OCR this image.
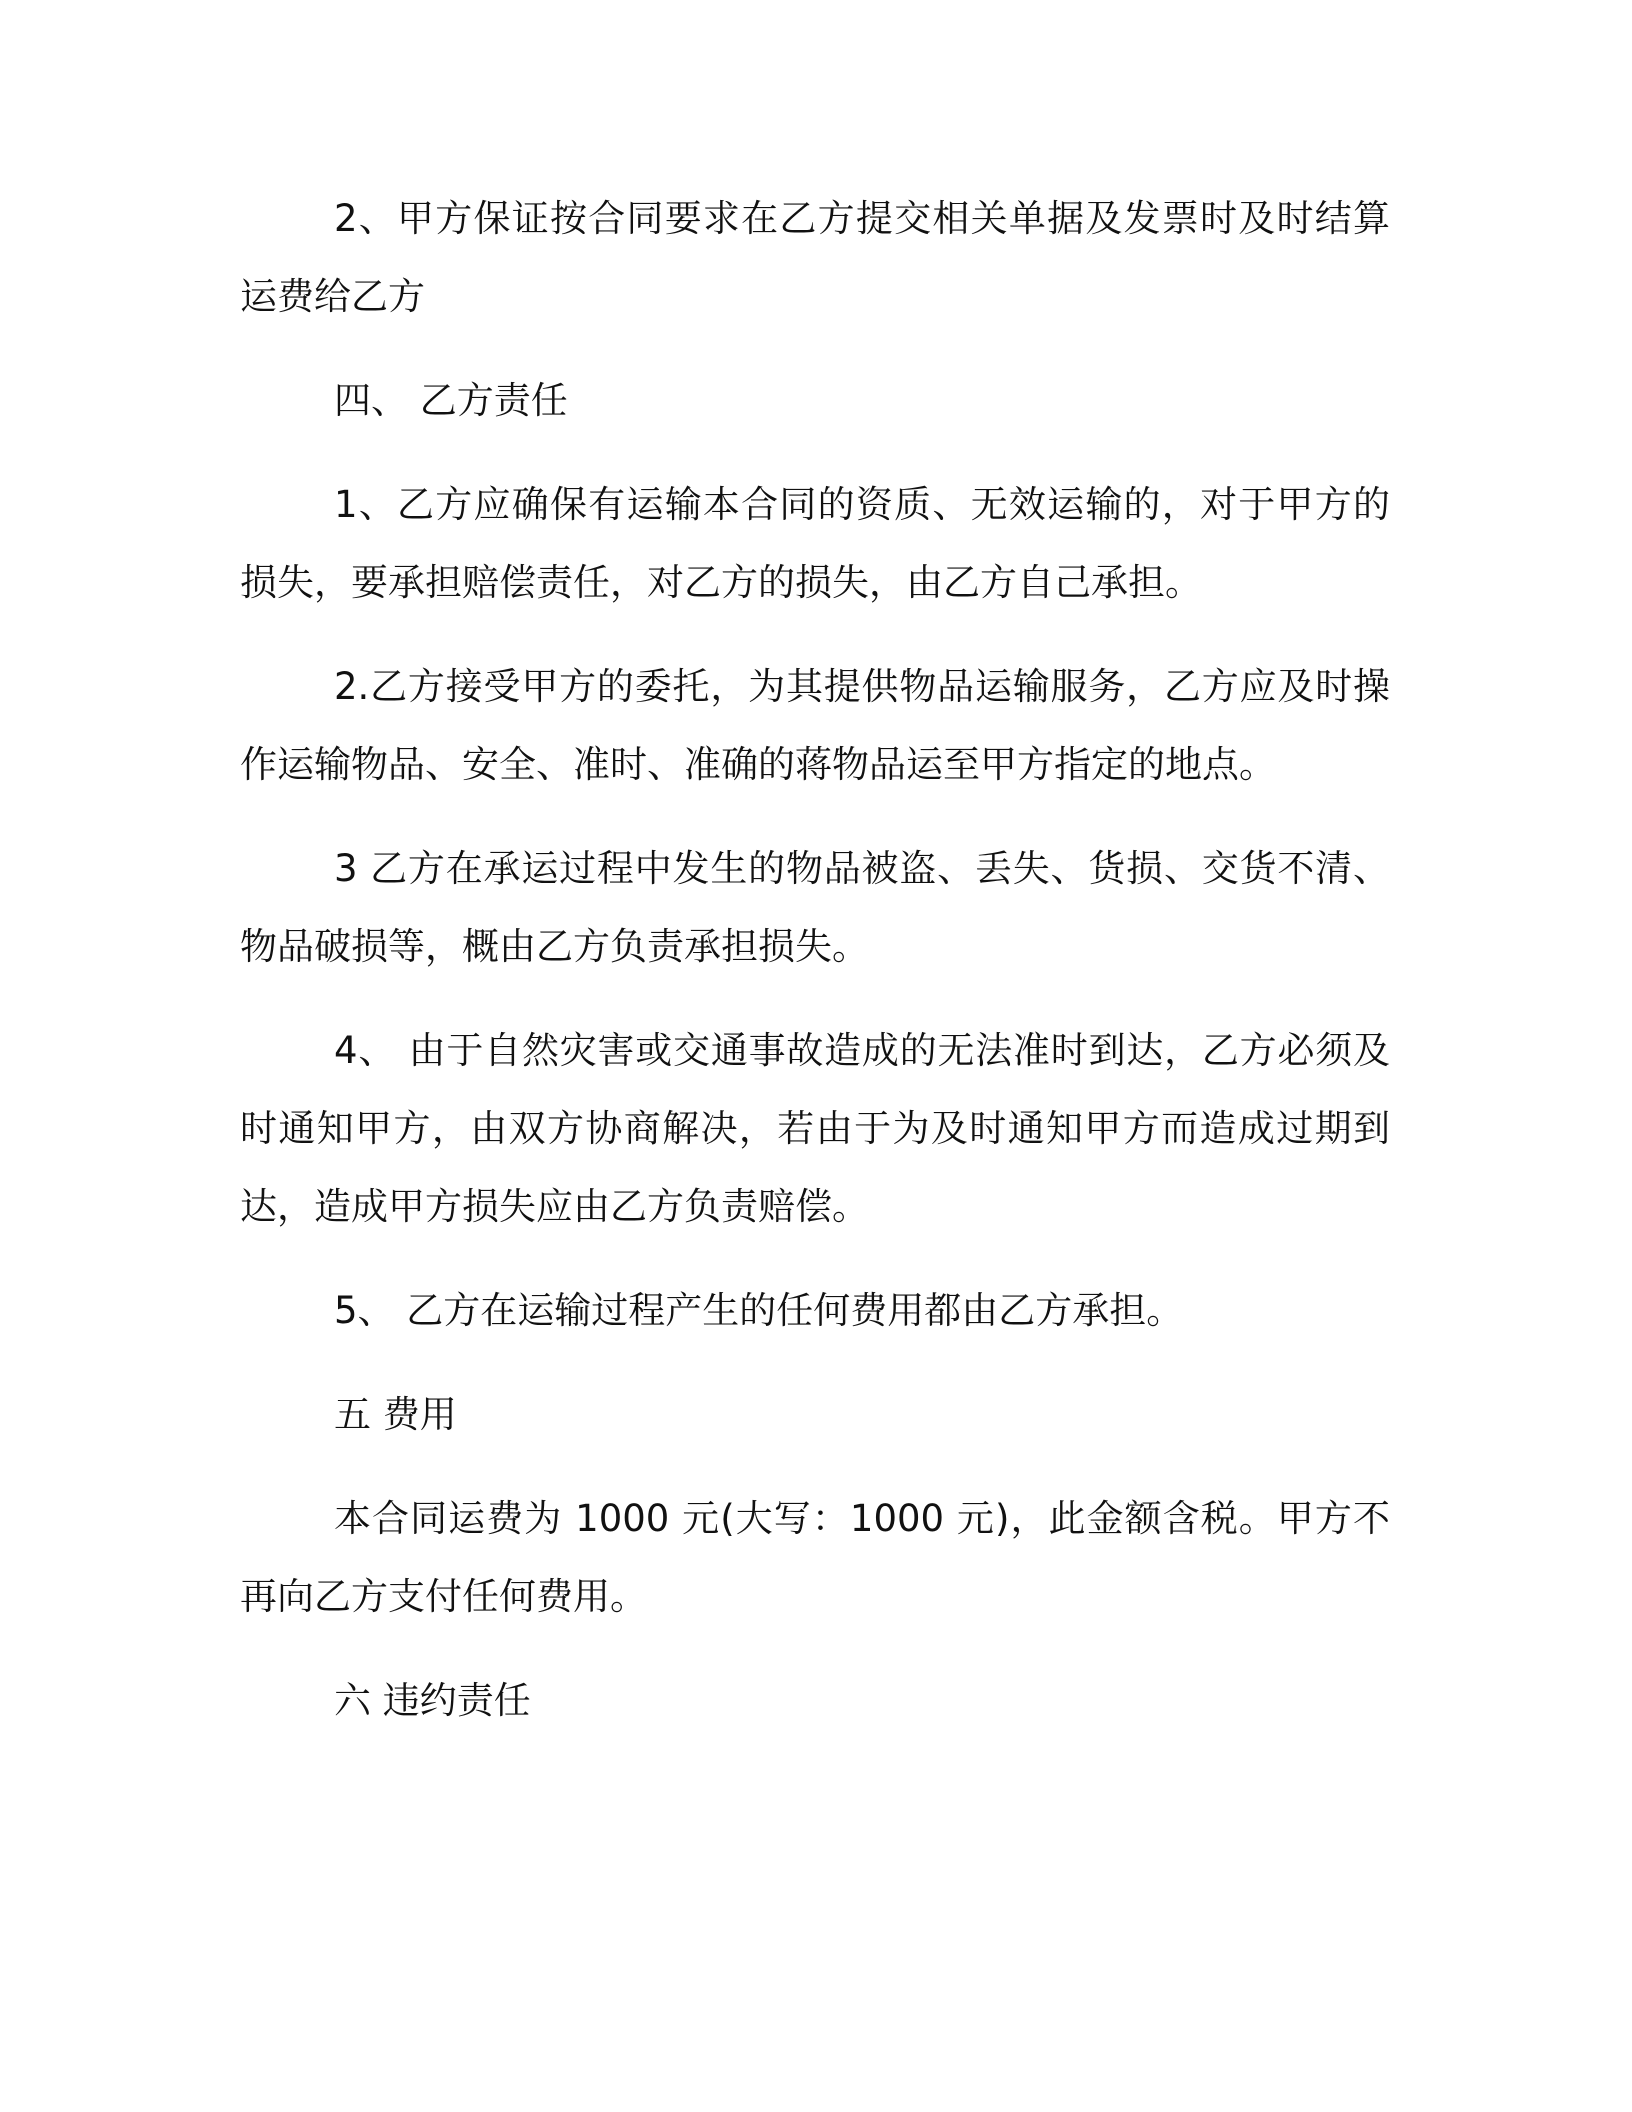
2、甲方保证按合同要求在乙方提交相关单据及发票时及时结算运费给乙方

四、 乙方责任

1、乙方应确保有运输本合同的资质、无效运输的，对于甲方的损失，要承担赔偿责任，对乙方的损失，由乙方自己承担。

2.乙方接受甲方的委托，为其提供物品运输服务，乙方应及时操作运输物品、安全、准时、准确的蒋物品运至甲方指定的地点。

3 乙方在承运过程中发生的物品被盗、丢失、货损、交货不清、物品破损等，概由乙方负责承担损失。

4、 由于自然灾害或交通事故造成的无法准时到达，乙方必须及时通知甲方，由双方协商解决，若由于为及时通知甲方而造成过期到达，造成甲方损失应由乙方负责赔偿。

5、 乙方在运输过程产生的任何费用都由乙方承担。

五 费用

本合同运费为 1000 元(大写：1000 元)，此金额含税。甲方不再向乙方支付任何费用。

六 违约责任
